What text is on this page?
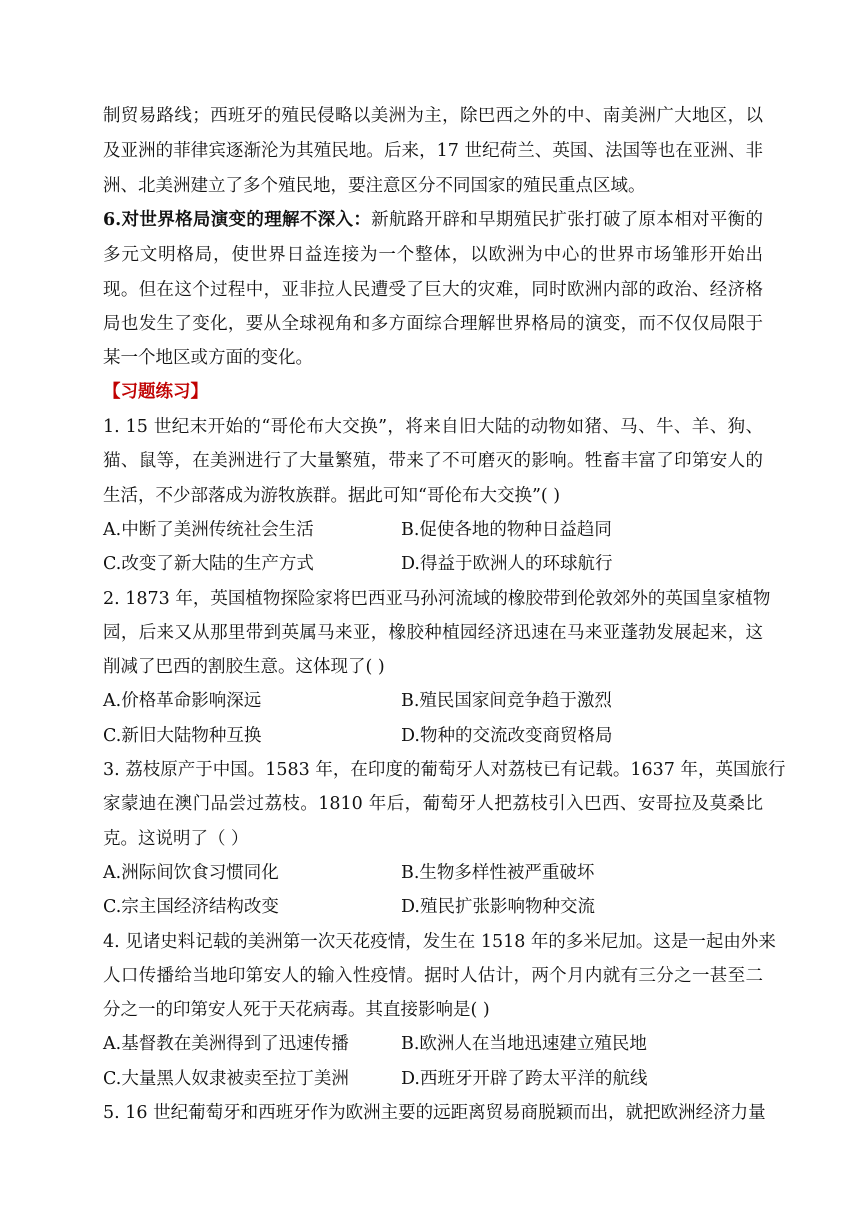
制贸易路线；西班牙的殖民侵略以美洲为主，除巴西之外的中、南美洲广大地区，以
及亚洲的菲律宾逐渐沦为其殖民地。后来，17 世纪荷兰、英国、法国等也在亚洲、非
洲、北美洲建立了多个殖民地，要注意区分不同国家的殖民重点区域。
6.对世界格局演变的理解不深入：新航路开辟和早期殖民扩张打破了原本相对平衡的
多元文明格局，使世界日益连接为一个整体，以欧洲为中心的世界市场雏形开始出
现。但在这个过程中，亚非拉人民遭受了巨大的灾难，同时欧洲内部的政治、经济格
局也发生了变化，要从全球视角和多方面综合理解世界格局的演变，而不仅仅局限于
某一个地区或方面的变化。
【习题练习】
1. 15 世纪末开始的“哥伦布大交换”，将来自旧大陆的动物如猪、马、牛、羊、狗、
猫、鼠等，在美洲进行了大量繁殖，带来了不可磨灭的影响。牲畜丰富了印第安人的
生活，不少部落成为游牧族群。据此可知“哥伦布大交换”( )
A.中断了美洲传统社会生活	B.促使各地的物种日益趋同
C.改变了新大陆的生产方式	D.得益于欧洲人的环球航行
2. 1873 年，英国植物探险家将巴西亚马孙河流域的橡胶带到伦敦郊外的英国皇家植物
园，后来又从那里带到英属马来亚，橡胶种植园经济迅速在马来亚蓬勃发展起来，这
削减了巴西的割胶生意。这体现了( )
A.价格革命影响深远	B.殖民国家间竞争趋于激烈
C.新旧大陆物种互换	D.物种的交流改变商贸格局
3. 荔枝原产于中国。1583 年，在印度的葡萄牙人对荔枝已有记载。1637 年，英国旅行
家蒙迪在澳门品尝过荔枝。1810 年后，葡萄牙人把荔枝引入巴西、安哥拉及莫桑比
克。这说明了（ ）
A.洲际间饮食习惯同化	B.生物多样性被严重破坏
C.宗主国经济结构改变	D.殖民扩张影响物种交流
4. 见诸史料记载的美洲第一次天花疫情，发生在 1518 年的多米尼加。这是一起由外来
人口传播给当地印第安人的输入性疫情。据时人估计，两个月内就有三分之一甚至二
分之一的印第安人死于天花病毒。其直接影响是( )
A.基督教在美洲得到了迅速传播	B.欧洲人在当地迅速建立殖民地
C.大量黑人奴隶被卖至拉丁美洲	D.西班牙开辟了跨太平洋的航线
5. 16 世纪葡萄牙和西班牙作为欧洲主要的远距离贸易商脱颖而出，就把欧洲经济力量
